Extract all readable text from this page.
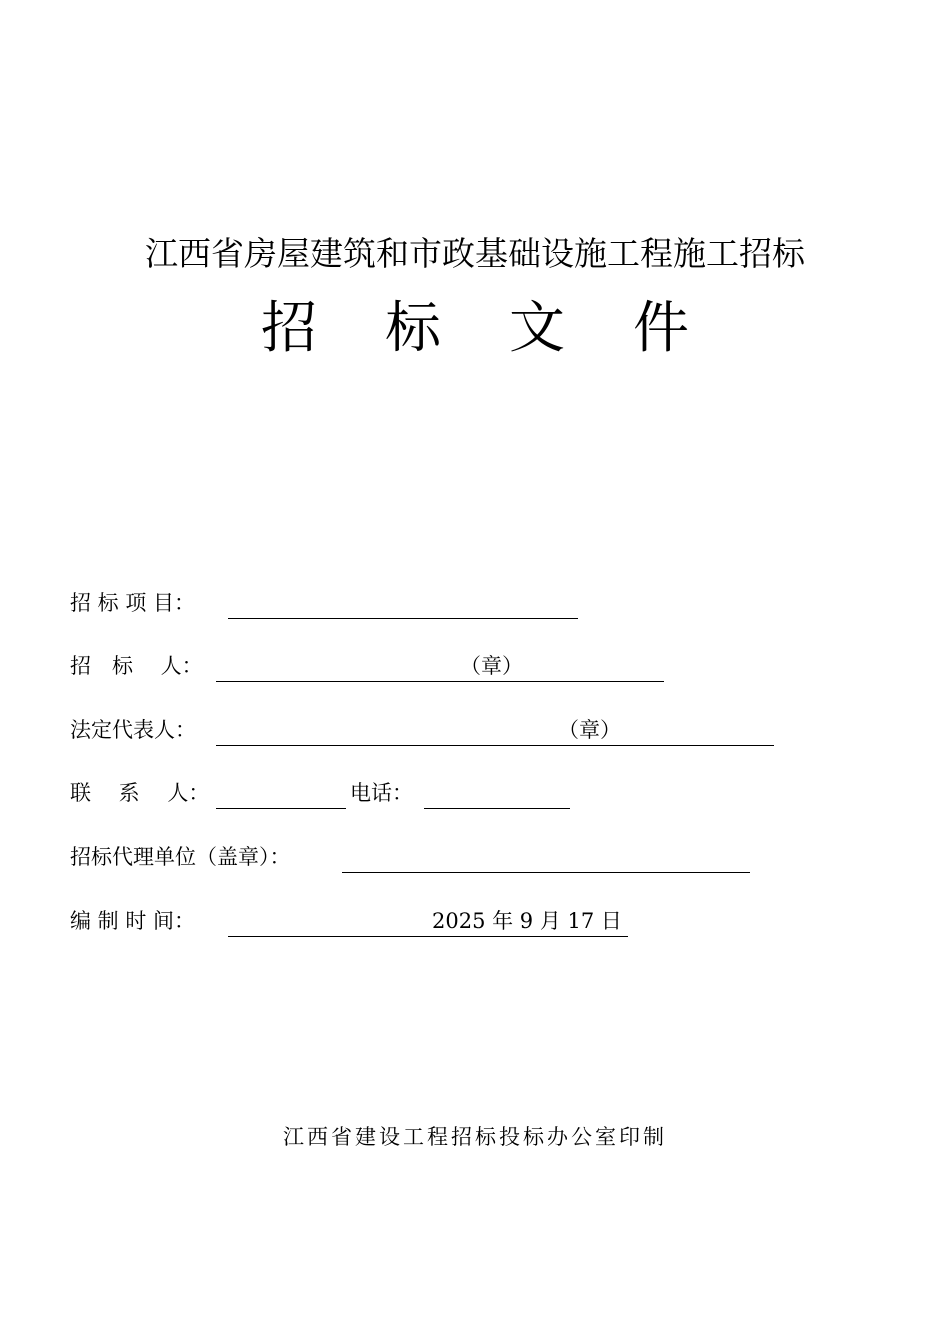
江西省房屋建筑和市政基础设施工程施工招标
招标文件
招 标 项 目：
招　标　 人：	（章）
法定代表人：	（章）
联　 系　 人：	电话：
招标代理单位（盖章）：
编 制 时 间：	2025 年 9 月 17 日
江西省建设工程招标投标办公室印制
